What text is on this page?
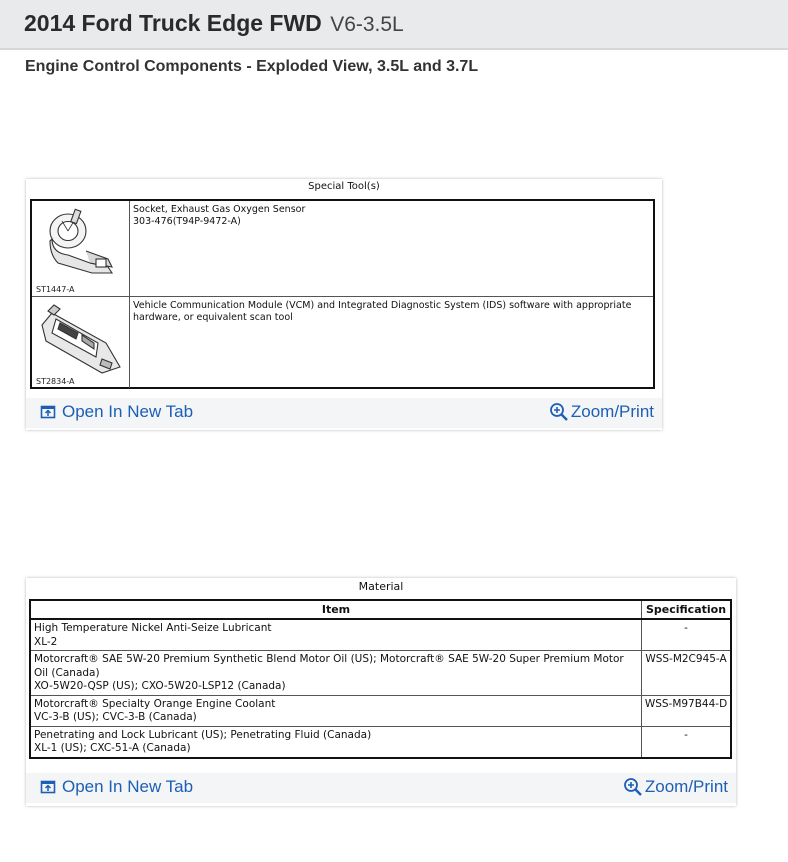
2014 Ford Truck Edge FWD V6-3.5L
Engine Control Components - Exploded View, 3.5L and 3.7L
Special Tool(s)
ST1447-A
Socket, Exhaust Gas Oxygen Sensor
303-476(T94P-9472-A)
ST2834-A
Vehicle Communication Module (VCM) and Integrated Diagnostic System (IDS) software with appropriate hardware, or equivalent scan tool
Open In New Tab	Zoom/Print
Material
Item	Specification

High Temperature Nickel Anti-Seize Lubricant
XL-2	-

Motorcraft® SAE 5W-20 Premium Synthetic Blend Motor Oil (US); Motorcraft® SAE 5W-20 Super Premium Motor Oil (Canada)
XO-5W20-QSP (US); CXO-5W20-LSP12 (Canada)	WSS-M2C945-A

Motorcraft® Specialty Orange Engine Coolant
VC-3-B (US); CVC-3-B (Canada)	WSS-M97B44-D

Penetrating and Lock Lubricant (US); Penetrating Fluid (Canada)
XL-1 (US); CXC-51-A (Canada)	-
Open In New Tab	Zoom/Print
